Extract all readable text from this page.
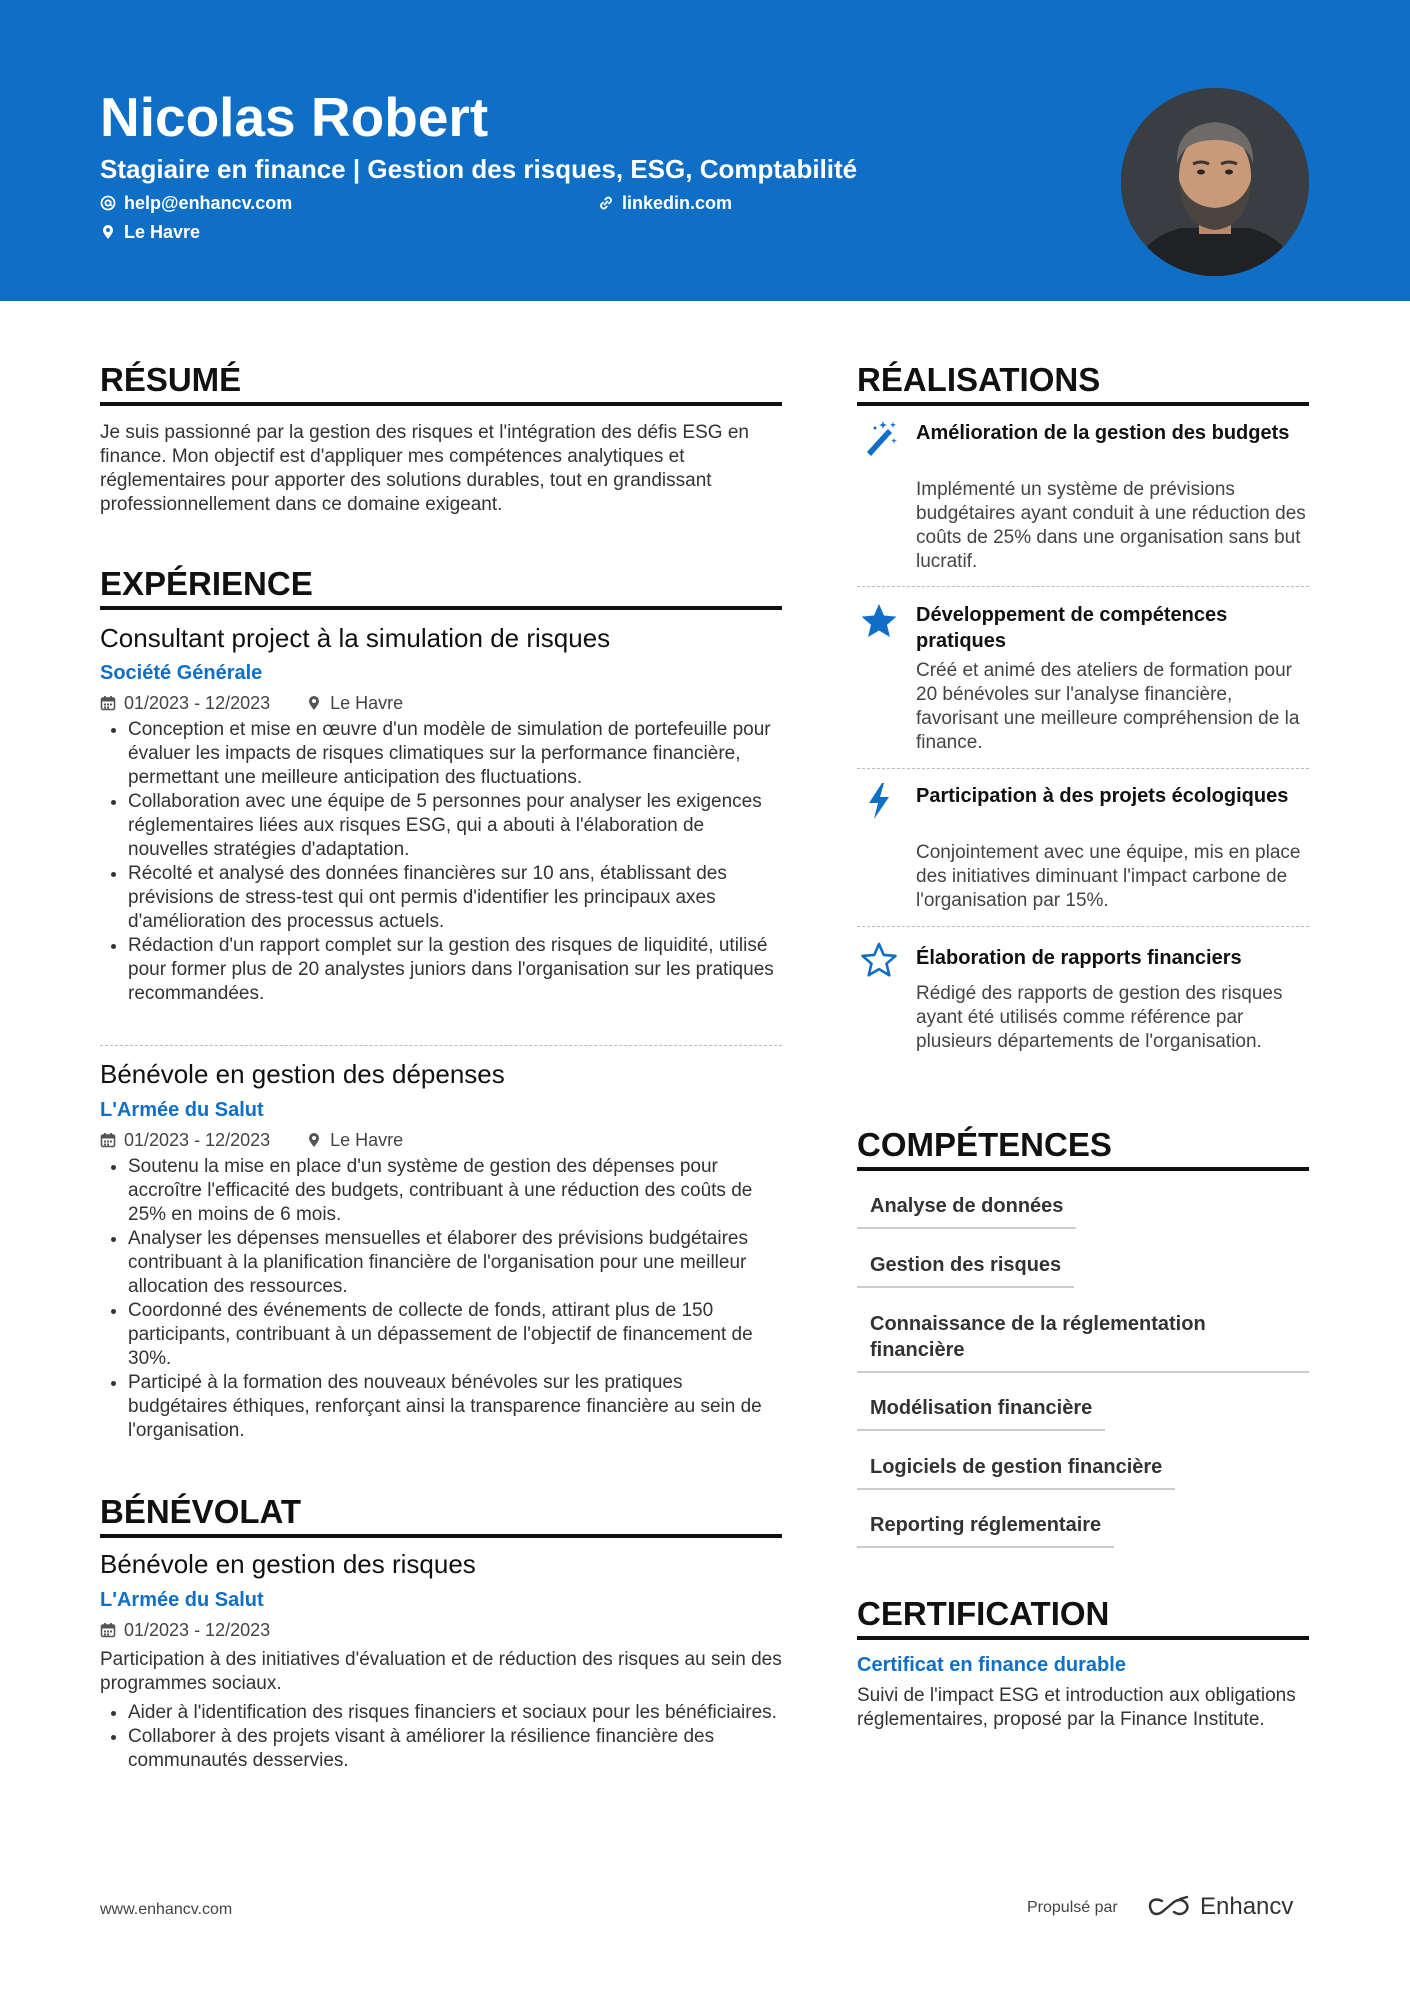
Nicolas Robert
Stagiaire en finance | Gestion des risques, ESG, Comptabilité
help@enhancv.com	linkedin.com
Le Havre
RÉSUMÉ
Je suis passionné par la gestion des risques et l'intégration des défis ESG en finance. Mon objectif est d'appliquer mes compétences analytiques et réglementaires pour apporter des solutions durables, tout en grandissant professionnellement dans ce domaine exigeant.
EXPÉRIENCE
Consultant project à la simulation de risques
Société Générale
01/2023 - 12/2023	Le Havre
• Conception et mise en œuvre d'un modèle de simulation de portefeuille pour évaluer les impacts de risques climatiques sur la performance financière, permettant une meilleure anticipation des fluctuations.
• Collaboration avec une équipe de 5 personnes pour analyser les exigences réglementaires liées aux risques ESG, qui a abouti à l'élaboration de nouvelles stratégies d'adaptation.
• Récolté et analysé des données financières sur 10 ans, établissant des prévisions de stress-test qui ont permis d'identifier les principaux axes d'amélioration des processus actuels.
• Rédaction d'un rapport complet sur la gestion des risques de liquidité, utilisé pour former plus de 20 analystes juniors dans l'organisation sur les pratiques recommandées.
Bénévole en gestion des dépenses
L'Armée du Salut
01/2023 - 12/2023	Le Havre
• Soutenu la mise en place d'un système de gestion des dépenses pour accroître l'efficacité des budgets, contribuant à une réduction des coûts de 25% en moins de 6 mois.
• Analyser les dépenses mensuelles et élaborer des prévisions budgétaires contribuant à la planification financière de l'organisation pour une meilleur allocation des ressources.
• Coordonné des événements de collecte de fonds, attirant plus de 150 participants, contribuant à un dépassement de l'objectif de financement de 30%.
• Participé à la formation des nouveaux bénévoles sur les pratiques budgétaires éthiques, renforçant ainsi la transparence financière au sein de l'organisation.
BÉNÉVOLAT
Bénévole en gestion des risques
L'Armée du Salut
01/2023 - 12/2023
Participation à des initiatives d'évaluation et de réduction des risques au sein des programmes sociaux.
• Aider à l'identification des risques financiers et sociaux pour les bénéficiaires.
• Collaborer à des projets visant à améliorer la résilience financière des communautés desservies.
RÉALISATIONS
Amélioration de la gestion des budgets
Implémenté un système de prévisions budgétaires ayant conduit à une réduction des coûts de 25% dans une organisation sans but lucratif.
Développement de compétences pratiques
Créé et animé des ateliers de formation pour 20 bénévoles sur l'analyse financière, favorisant une meilleure compréhension de la finance.
Participation à des projets écologiques
Conjointement avec une équipe, mis en place des initiatives diminuant l'impact carbone de l'organisation par 15%.
Élaboration de rapports financiers
Rédigé des rapports de gestion des risques ayant été utilisés comme référence par plusieurs départements de l'organisation.
COMPÉTENCES
Analyse de données
Gestion des risques
Connaissance de la réglementation financière
Modélisation financière
Logiciels de gestion financière
Reporting réglementaire
CERTIFICATION
Certificat en finance durable
Suivi de l'impact ESG et introduction aux obligations réglementaires, proposé par la Finance Institute.
www.enhancv.com	Propulsé par	Enhancv
